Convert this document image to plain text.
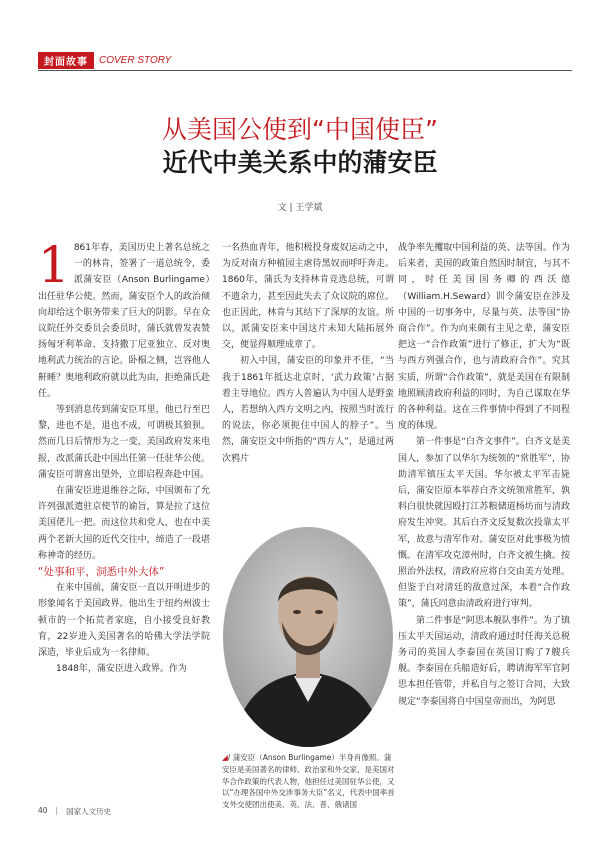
封面故事	COVER STORY
从美国公使到“中国使臣”
近代中美关系中的蒲安臣
文 | 王学斌
1 861年春，美国历史上著名总统之一的林肯，签署了一道总统令，委派蒲安臣（Anson Burlingame）出任驻华公使。然而，蒲安臣个人的政治倾向却给这个职务带来了巨大的阴影。早在众议院任外交委员会委员时，蒲氏就曾发表赞扬匈牙利革命、支持撒丁尼亚独立、反对奥地利武力统治的言论。卧榻之侧，岂容他人鼾睡？奥地利政府就以此为由，拒绝蒲氏赴任。

等到消息传到蒲安臣耳里，他已行至巴黎，进也不是，退也不成，可谓极其狼狈。然而几日后情形为之一变，美国政府发来电报，改派蒲氏赴中国出任第一任驻华公使。蒲安臣可谓喜出望外，立即启程奔赴中国。

在蒲安臣进退维谷之际，中国颁布了允许列强派遣驻京使节的谕旨，算是拉了这位美国佬儿一把。而这位共和党人，也在中美两个老新大国的近代交往中，缔造了一段堪称神奇的经历。

“处事和平，洞悉中外大体”

在来中国前，蒲安臣一直以开明进步的形象闻名于美国政界。他出生于纽约州波士顿市的一个拓荒者家庭，自小接受良好教育，22岁进入美国著名的哈佛大学法学院深造，毕业后成为一名律师。

1848年，蒲安臣进入政界。作为

一名热血青年，他积极投身废奴运动之中，为反对南方种植园主虐待黑奴而呼吁奔走。1860年，蒲氏为支持林肯竞选总统，可谓不遗余力，甚至因此失去了众议院的席位。也正因此，林肯与其结下了深厚的友谊。所以，派蒲安臣来中国这片未知大陆拓展外交，便显得顺理成章了。

初入中国，蒲安臣的印象并不佳，“当我于1861年抵达北京时，‘武力政策’占据着主导地位。西方人普遍认为中国人是野蛮人，若想纳入西方文明之内，按照当时流行的说法，你必须扼住中国人的脖子”。当然，蒲安臣文中所指的“西方人”，是通过两次鸦片

◢/ 蒲安臣（Anson Burlingame）半身肖像照。蒲安臣是美国著名的律师、政治家和外交家，是美国对华合作政策的代表人物，他担任过美国驻华公使，又以“办理各国中外交涉事务大臣”名义，代表中国率首支外交使团出使美、英、法、普、俄诸国

战争率先攫取中国利益的英、法等国。作为后来者，美国的政策自然因时制宜，与其不同，时任美国国务卿的西沃德（William.H.Seward）训令蒲安臣在涉及中国的一切事务中，尽量与英、法等国“协商合作”。作为向来颇有主见之辈，蒲安臣把这一“合作政策”进行了修正，扩大为“既与西方列强合作，也与清政府合作”。究其实质，所谓“合作政策”，就是美国在有限制地照顾清政府利益的同时，为自己谋取在华的各种利益。这在三件事情中得到了不同程度的体现。

第一件事是“白齐文事件”。白齐文是美国人，参加了以华尔为统领的“常胜军”，协助清军镇压太平天国。华尔被太平军击毙后，蒲安臣原本举荐白齐文统领常胜军，孰料白很快就因殴打江苏粮储道杨坊而与清政府发生冲突。其后白齐文反复数次投靠太平军，故意与清军作对。蒲安臣对此事极为愤慨。在清军攻克漳州时，白齐文被生擒。按照治外法权，清政府应将白交由美方处理。但鉴于白对清廷的敌意过深，本着“合作政策”，蒲氏同意由清政府进行审判。

第二件事是“阿思本舰队事件”。为了镇压太平天国运动，清政府通过时任海关总税务司的英国人李泰国在英国订购了7艘兵舰。李泰国在兵船造好后，聘请海军军官阿思本担任管带，并私自与之签订合同，大致规定“李泰国将自中国皇帝而出，为阿思

40 | 国家人文历史
